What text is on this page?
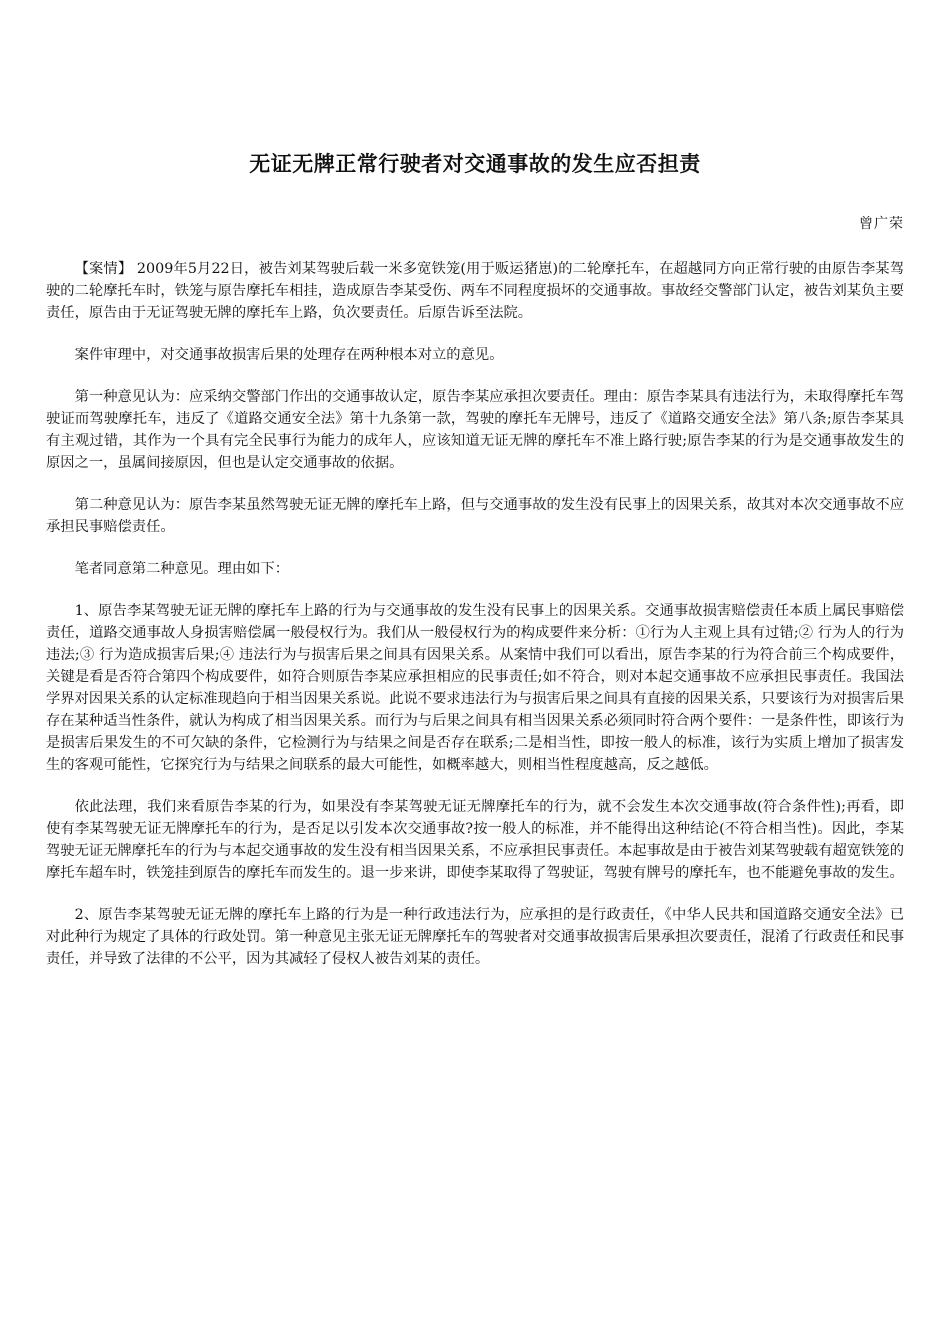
无证无牌正常行驶者对交通事故的发生应否担责
曾广荣

【案情】 2009年5月22日，被告刘某驾驶后载一米多宽铁笼(用于贩运猪崽)的二轮摩托车，在超越同方向正常行驶的由原告李某驾驶的二轮摩托车时，铁笼与原告摩托车相挂，造成原告李某受伤、两车不同程度损坏的交通事故。事故经交警部门认定，被告刘某负主要责任，原告由于无证驾驶无牌的摩托车上路，负次要责任。后原告诉至法院。

案件审理中，对交通事故损害后果的处理存在两种根本对立的意见。

第一种意见认为：应采纳交警部门作出的交通事故认定，原告李某应承担次要责任。理由：原告李某具有违法行为，未取得摩托车驾驶证而驾驶摩托车，违反了《道路交通安全法》第十九条第一款，驾驶的摩托车无牌号，违反了《道路交通安全法》第八条;原告李某具有主观过错，其作为一个具有完全民事行为能力的成年人，应该知道无证无牌的摩托车不准上路行驶;原告李某的行为是交通事故发生的原因之一，虽属间接原因，但也是认定交通事故的依据。

第二种意见认为：原告李某虽然驾驶无证无牌的摩托车上路，但与交通事故的发生没有民事上的因果关系，故其对本次交通事故不应承担民事赔偿责任。

笔者同意第二种意见。理由如下：

1、原告李某驾驶无证无牌的摩托车上路的行为与交通事故的发生没有民事上的因果关系。交通事故损害赔偿责任本质上属民事赔偿责任，道路交通事故人身损害赔偿属一般侵权行为。我们从一般侵权行为的构成要件来分析：①行为人主观上具有过错;② 行为人的行为违法;③ 行为造成损害后果;④ 违法行为与损害后果之间具有因果关系。从案情中我们可以看出，原告李某的行为符合前三个构成要件，关键是看是否符合第四个构成要件，如符合则原告李某应承担相应的民事责任;如不符合，则对本起交通事故不应承担民事责任。我国法学界对因果关系的认定标准现趋向于相当因果关系说。此说不要求违法行为与损害后果之间具有直接的因果关系，只要该行为对损害后果存在某种适当性条件，就认为构成了相当因果关系。而行为与后果之间具有相当因果关系必须同时符合两个要件：一是条件性，即该行为是损害后果发生的不可欠缺的条件，它检测行为与结果之间是否存在联系;二是相当性，即按一般人的标准，该行为实质上增加了损害发生的客观可能性，它探究行为与结果之间联系的最大可能性，如概率越大，则相当性程度越高，反之越低。

依此法理，我们来看原告李某的行为，如果没有李某驾驶无证无牌摩托车的行为，就不会发生本次交通事故(符合条件性);再看，即使有李某驾驶无证无牌摩托车的行为，是否足以引发本次交通事故?按一般人的标准，并不能得出这种结论(不符合相当性)。因此，李某驾驶无证无牌摩托车的行为与本起交通事故的发生没有相当因果关系，不应承担民事责任。本起事故是由于被告刘某驾驶载有超宽铁笼的摩托车超车时，铁笼挂到原告的摩托车而发生的。退一步来讲，即使李某取得了驾驶证，驾驶有牌号的摩托车，也不能避免事故的发生。

2、原告李某驾驶无证无牌的摩托车上路的行为是一种行政违法行为，应承担的是行政责任，《中华人民共和国道路交通安全法》已对此种行为规定了具体的行政处罚。第一种意见主张无证无牌摩托车的驾驶者对交通事故损害后果承担次要责任，混淆了行政责任和民事责任，并导致了法律的不公平，因为其减轻了侵权人被告刘某的责任。
